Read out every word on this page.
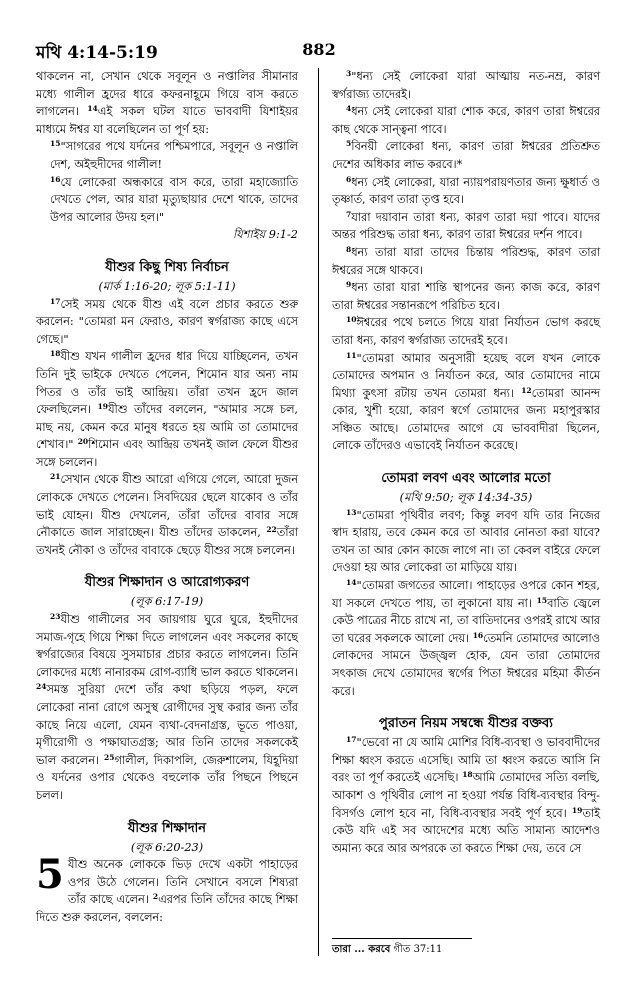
মথি 4:14-5:19	882

থাকলেন না, সেখান থেকে সবূলূন ও নপ্তালির সীমানার মধ্যে গালীল হ্রদের ধারে কফরনাহূমে গিয়ে বাস করতে লাগলেন। $^{14}$এই সকল ঘটল যাতে ভাববাদী যিশাইয়র মাধ্যমে ঈশ্বর যা বলেছিলেন তা পূর্ণ হয়:

$^{15}$"সাগরের পথে যর্দনের পশ্চিমপারে, সবূলূন ও নপ্তালি দেশ, অইহুদীদের গালীল!

$^{16}$যে লোকেরা অন্ধকারে বাস করে, তারা মহাজ্যোতি দেখতে পেল, আর যারা মৃত্যুছায়ার দেশে থাকে, তাদের উপর আলোর উদয় হল।"

যিশাইয় 9:1-2

যীশুর কিছু শিষ্য নির্বাচন
(মার্ক 1:16-20; লূক 5:1-11)

$^{17}$সেই সময় থেকে যীশু এই বলে প্রচার করতে শুরু করলেন: "তোমরা মন ফেরাও, কারণ স্বর্গরাজ্য কাছে এসে গেছে।"

$^{18}$যীশু যখন গালীল হ্রদের ধার দিয়ে যাচ্ছিলেন, তখন তিনি দুই ভাইকে দেখতে পেলেন, শিমোন যার অন্য নাম পিতর ও তাঁর ভাই আন্দ্রিয়। তাঁরা তখন হ্রদে জাল ফেলছিলেন। $^{19}$যীশু তাঁদের বললেন, "আমার সঙ্গে চল, মাছ নয়, কেমন করে মানুষ ধরতে হয় আমি তা তোমাদের শেখাব।" $^{20}$শিমোন এবং আন্দ্রিয় তখনই জাল ফেলে যীশুর সঙ্গে চললেন।

$^{21}$সেখান থেকে যীশু আরো এগিয়ে গেলে, আরো দুজন লোককে দেখতে পেলেন। সিবদিয়ের ছেলে যাকোব ও তাঁর ভাই যোহন। যীশু দেখলেন, তাঁরা তাঁদের বাবার সঙ্গে নৌকাতে জাল সারাচ্ছেন। যীশু তাঁদের ডাকলেন, $^{22}$তাঁরা তখনই নৌকা ও তাঁদের বাবাকে ছেড়ে যীশুর সঙ্গে চললেন।

যীশুর শিক্ষাদান ও আরোগ্যকরণ
(লূক 6:17-19)

$^{23}$যীশু গালীলের সব জায়গায় ঘুরে ঘুরে, ইহুদীদের সমাজ-গৃহে গিয়ে শিক্ষা দিতে লাগলেন এবং সকলের কাছে স্বর্গরাজ্যের বিষয়ে সুসমাচার প্রচার করতে লাগলেন। তিনি লোকদের মধ্যে নানারকম রোগ-ব্যাধি ভাল করতে থাকলেন। $^{24}$সমস্ত সুরিয়া দেশে তাঁর কথা ছড়িয়ে পড়ল, ফলে লোকেরা নানা রোগে অসুস্থ রোগীদের সুস্থ করার জন্য তাঁর কাছে নিয়ে এলো, যেমন ব্যথা-বেদনাগ্রস্ত, ভূতে পাওয়া, মৃগীরোগী ও পক্ষাঘাতগ্রস্ত; আর তিনি তাদের সকলকেই ভাল করলেন। $^{25}$গালীল, দিকাপলি, জেরুশালেম, যিহূদিয়া ও যর্দনের ওপার থেকেও বহুলোক তাঁর পিছনে পিছনে চলল।

যীশুর শিক্ষাদান
(লূক 6:20-23)

5 যীশু অনেক লোককে ভিড় দেখে একটা পাহাড়ের ওপর উঠে গেলেন। তিনি সেখানে বসলে শিষ্যরা তাঁর কাছে এলেন। $^2$এরপর তিনি তাঁদের কাছে শিক্ষা দিতে শুরু করলেন, বললেন:

$^3$"ধন্য সেই লোকেরা যারা আত্মায় নত-নম্র, কারণ স্বর্গরাজ্য তাদেরই।

$^4$ধন্য সেই লোকেরা যারা শোক করে, কারণ তারা ঈশ্বরের কাছ থেকে সান্ত্বনা পাবে।

$^5$বিনয়ী লোকেরা ধন্য, কারণ তারা ঈশ্বরের প্রতিশ্রুত দেশের অধিকার লাভ করবে।*

$^6$ধন্য সেই লোকেরা, যারা ন্যায়পরায়ণতার জন্য ক্ষুধার্ত ও তৃষ্ণার্ত, কারণ তারা তৃপ্ত হবে।

$^7$যারা দয়াবান তারা ধন্য, কারণ তারা দয়া পাবে। যাদের অন্তর পরিশুদ্ধ তারা ধন্য, কারণ তারা ঈশ্বরের দর্শন পাবে।

$^8$ধন্য তারা যারা তাদের চিন্তায় পরিশুদ্ধ, কারণ তারা ঈশ্বরের সঙ্গে থাকবে।

$^9$ধন্য তারা যারা শান্তি স্থাপনের জন্য কাজ করে, কারণ তারা ঈশ্বরের সন্তানরূপে পরিচিত হবে।

$^{10}$ঈশ্বরের পথে চলতে গিয়ে যারা নির্যাতন ভোগ করছে তারা ধন্য, কারণ স্বর্গরাজ্য তাদেরই হবে।

$^{11}$"তোমরা আমার অনুসারী হয়েছ বলে যখন লোকে তোমাদের অপমান ও নির্যাতন করে, আর তোমাদের নামে মিথ্যা কুৎসা রটায় তখন তোমরা ধন্য। $^{12}$তোমরা আনন্দ কোর, খুশী হয়ো, কারণ স্বর্গে তোমাদের জন্য মহাপুরস্কার সঞ্চিত আছে। তোমাদের আগে যে ভাববাদীরা ছিলেন, লোকে তাঁদেরও এভাবেই নির্যাতন করেছে।

তোমরা লবণ এবং আলোর মতো
(মথি 9:50; লূক 14:34-35)

$^{13}$"তোমরা পৃথিবীর লবণ; কিন্তু লবণ যদি তার নিজের স্বাদ হারায়, তবে কেমন করে তা আবার নোনতা করা যাবে? তখন তা আর কোন কাজে লাগে না। তা কেবল বাইরে ফেলে দেওয়া হয় আর লোকেরা তা মাড়িয়ে যায়।

$^{14}$"তোমরা জগতের আলো। পাহাড়ের ওপরে কোন শহর, যা সকলে দেখতে পায়, তা লুকানো যায় না। $^{15}$বাতি জ্বেলে কেউ পাত্রের নীচে রাখে না, তা বাতিদানের ওপরই রাখে আর তা ঘরের সকলকে আলো দেয়। $^{16}$তেমনি তোমাদের আলোও লোকদের সামনে উজ্জ্বল হোক, যেন তারা তোমাদের সৎকাজ দেখে তোমাদের স্বর্গের পিতা ঈশ্বরের মহিমা কীর্তন করে।

পুরাতন নিয়ম সম্বন্ধে যীশুর বক্তব্য

$^{17}$"ভেবো না যে আমি মোশির বিধি-ব্যবস্থা ও ভাববাদীদের শিক্ষা ধ্বংস করতে এসেছি। আমি তা ধ্বংস করতে আসি নি বরং তা পূর্ণ করতেই এসেছি। $^{18}$আমি তোমাদের সত্যি বলছি, আকাশ ও পৃথিবীর লোপ না হওয়া পর্যন্ত বিধি-ব্যবস্থার বিন্দু-বিসর্গও লোপ হবে না, বিধি-ব্যবস্থার সবই পূর্ণ হবে। $^{19}$তাই কেউ যদি এই সব আদেশের মধ্যে অতি সামান্য আদেশও অমান্য করে আর অপরকে তা করতে শিক্ষা দেয়, তবে সে

তারা ... করবে গীত 37:11
